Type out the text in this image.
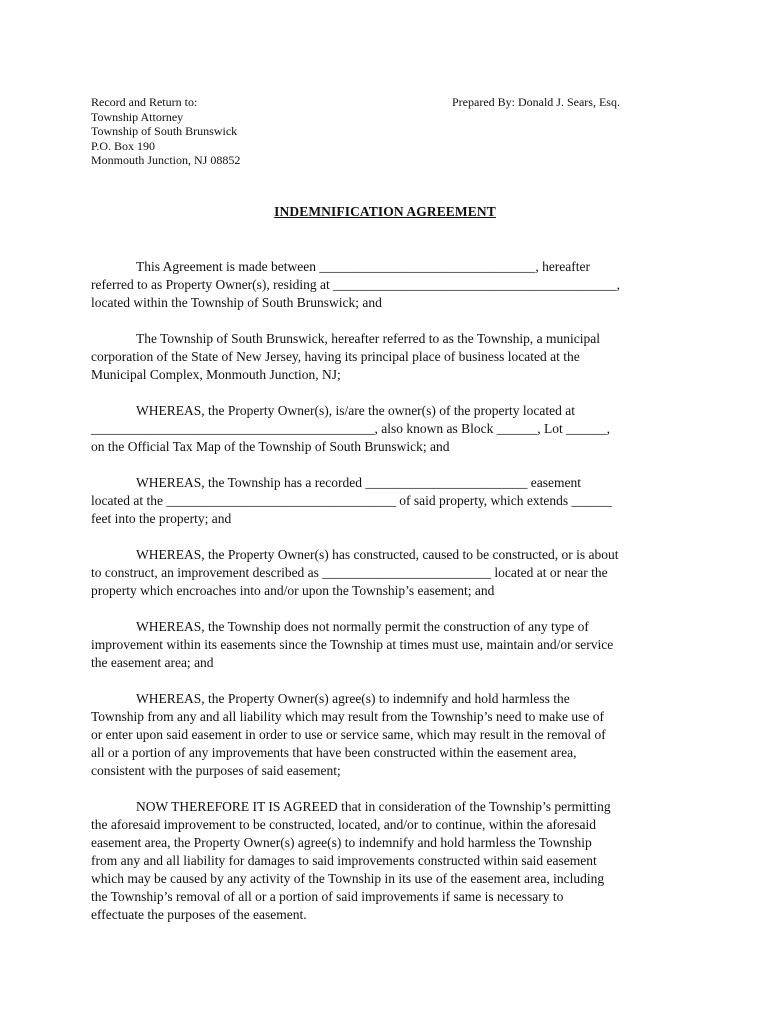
Record and Return to:
Township Attorney
Township of South Brunswick
P.O. Box 190
Monmouth Junction, NJ 08852
Prepared By: Donald J. Sears, Esq.
INDEMNIFICATION AGREEMENT
This Agreement is made between ________________________________, hereafter
referred to as Property Owner(s), residing at __________________________________________,
located within the Township of South Brunswick; and
The Township of South Brunswick, hereafter referred to as the Township, a municipal
corporation of the State of New Jersey, having its principal place of business located at the
Municipal Complex, Monmouth Junction, NJ;
WHEREAS, the Property Owner(s), is/are the owner(s) of the property located at
__________________________________________, also known as Block ______, Lot ______,
on the Official Tax Map of the Township of South Brunswick; and
WHEREAS, the Township has a recorded ________________________ easement
located at the __________________________________ of said property, which extends ______
feet into the property; and
WHEREAS, the Property Owner(s) has constructed, caused to be constructed, or is about
to construct, an improvement described as _________________________ located at or near the
property which encroaches into and/or upon the Township’s easement; and
WHEREAS, the Township does not normally permit the construction of any type of
improvement within its easements since the Township at times must use, maintain and/or service
the easement area; and
WHEREAS, the Property Owner(s) agree(s) to indemnify and hold harmless the
Township from any and all liability which may result from the Township’s need to make use of
or enter upon said easement in order to use or service same, which may result in the removal of
all or a portion of any improvements that have been constructed within the easement area,
consistent with the purposes of said easement;
NOW THEREFORE IT IS AGREED that in consideration of the Township’s permitting
the aforesaid improvement to be constructed, located, and/or to continue, within the aforesaid
easement area, the Property Owner(s) agree(s) to indemnify and hold harmless the Township
from any and all liability for damages to said improvements constructed within said easement
which may be caused by any activity of the Township in its use of the easement area, including
the Township’s removal of all or a portion of said improvements if same is necessary to
effectuate the purposes of the easement.
